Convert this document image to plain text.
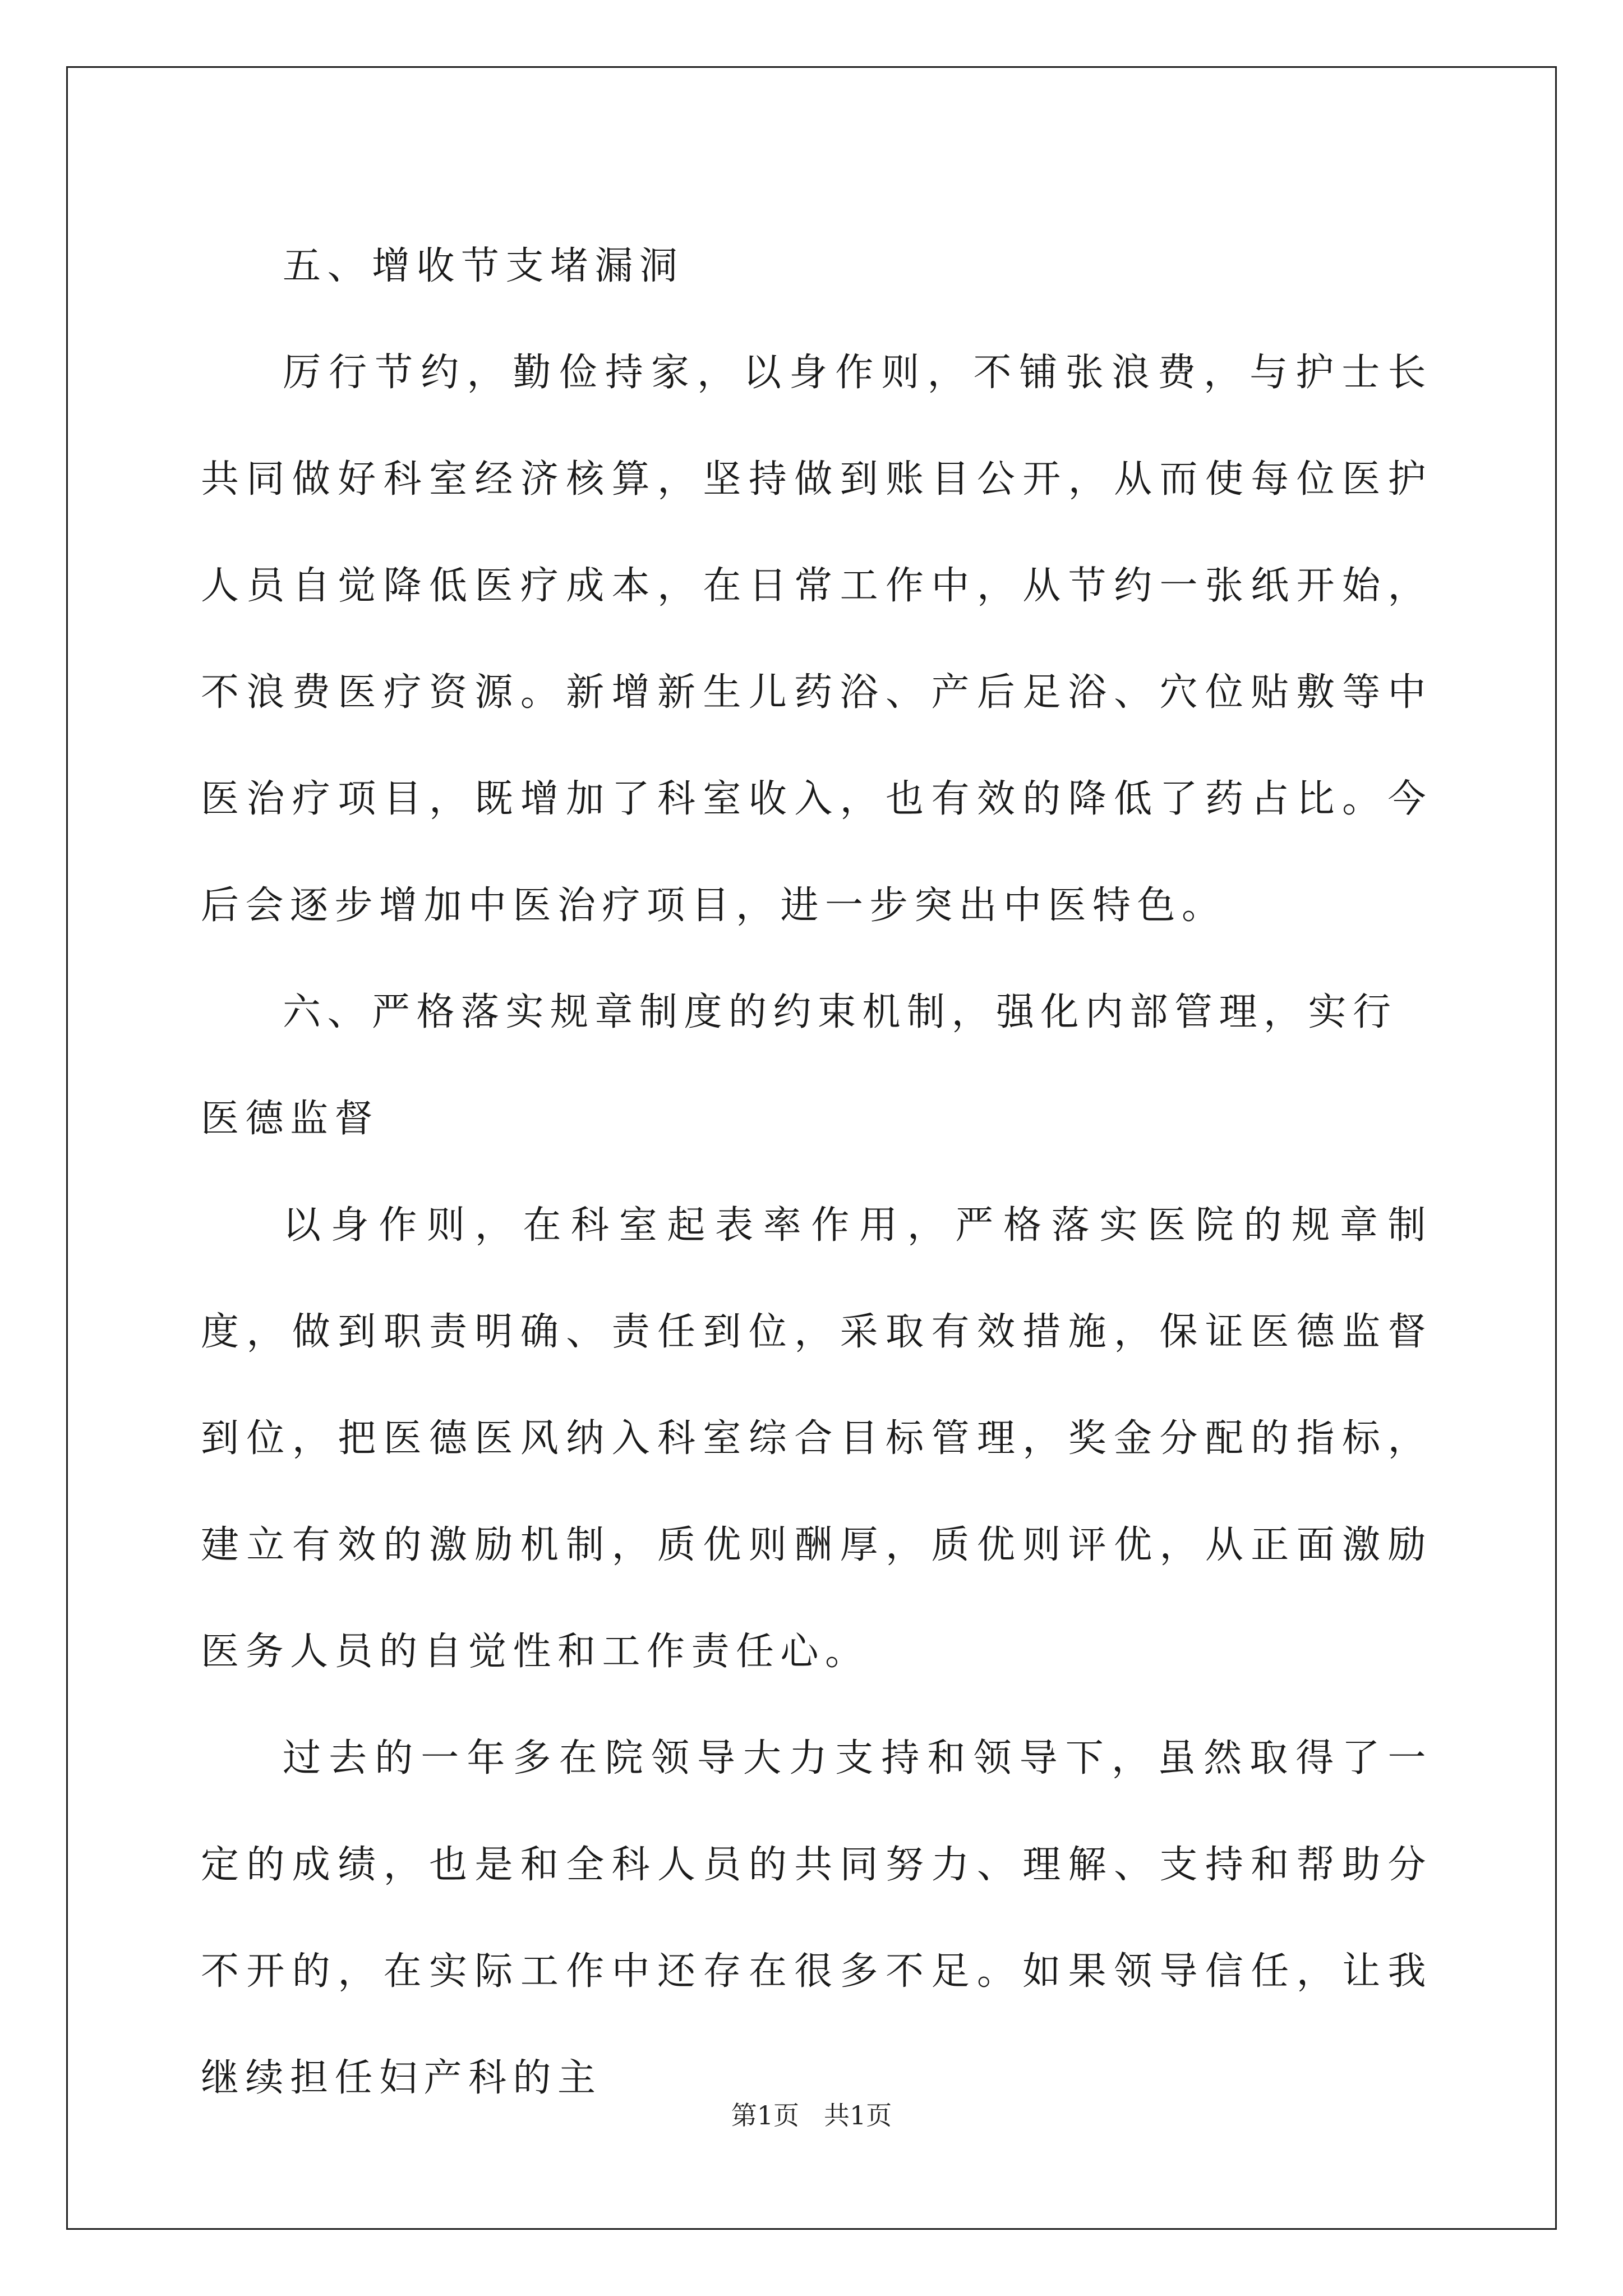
五、增收节支堵漏洞

厉行节约，勤俭持家，以身作则，不铺张浪费，与护士长共同做好科室经济核算，坚持做到账目公开，从而使每位医护人员自觉降低医疗成本，在日常工作中，从节约一张纸开始，不浪费医疗资源。新增新生儿药浴、产后足浴、穴位贴敷等中医治疗项目，既增加了科室收入，也有效的降低了药占比。今后会逐步增加中医治疗项目，进一步突出中医特色。

六、严格落实规章制度的约束机制，强化内部管理，实行医德监督

以身作则，在科室起表率作用，严格落实医院的规章制度，做到职责明确、责任到位，采取有效措施，保证医德监督到位，把医德医风纳入科室综合目标管理，奖金分配的指标，建立有效的激励机制，质优则酬厚，质优则评优，从正面激励医务人员的自觉性和工作责任心。

过去的一年多在院领导大力支持和领导下，虽然取得了一定的成绩，也是和全科人员的共同努力、理解、支持和帮助分不开的，在实际工作中还存在很多不足。如果领导信任，让我继续担任妇产科的主

第1页 共1页
